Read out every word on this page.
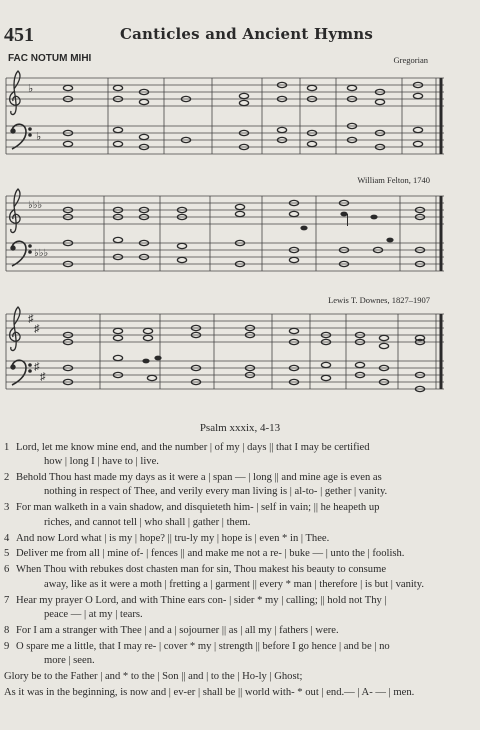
451	Canticles and Ancient Hymns
FAC NOTUM MIHI	Gregorian
William Felton, 1740
Lewis T. Downes, 1827–1907
♭
♭
♭♭♭
♭♭♭
♯
♯
♯
♯
Psalm xxxix, 4-13
1 Lord, let me know mine end, and the number | of my | days || that I may be certified
how | long I | have to | live.
2 Behold Thou hast made my days as it were a | span — | long || and mine age is even as
nothing in respect of Thee, and verily every man living is | al-to- | gether | vanity.
3 For man walketh in a vain shadow, and disquieteth him- | self in vain; || he heapeth up
riches, and cannot tell | who shall | gather | them.
4 And now Lord what | is my | hope? || tru-ly my | hope is | even * in | Thee.
5 Deliver me from all | mine of- | fences || and make me not a re- | buke — | unto the | foolish.
6 When Thou with rebukes dost chasten man for sin, Thou makest his beauty to consume
away, like as it were a moth | fretting a | garment || every * man | therefore | is but | vanity.
7 Hear my prayer O Lord, and with Thine ears con- | sider * my | calling; || hold not Thy |
peace — | at my | tears.
8 For I am a stranger with Thee | and a | sojourner || as | all my | fathers | were.
9 O spare me a little, that I may re- | cover * my | strength || before I go hence | and be | no
more | seen.
Glory be to the Father | and * to the | Son || and | to the | Ho-ly | Ghost;
As it was in the beginning, is now and | ev-er | shall be || world with- * out | end.— | A- — | men.
